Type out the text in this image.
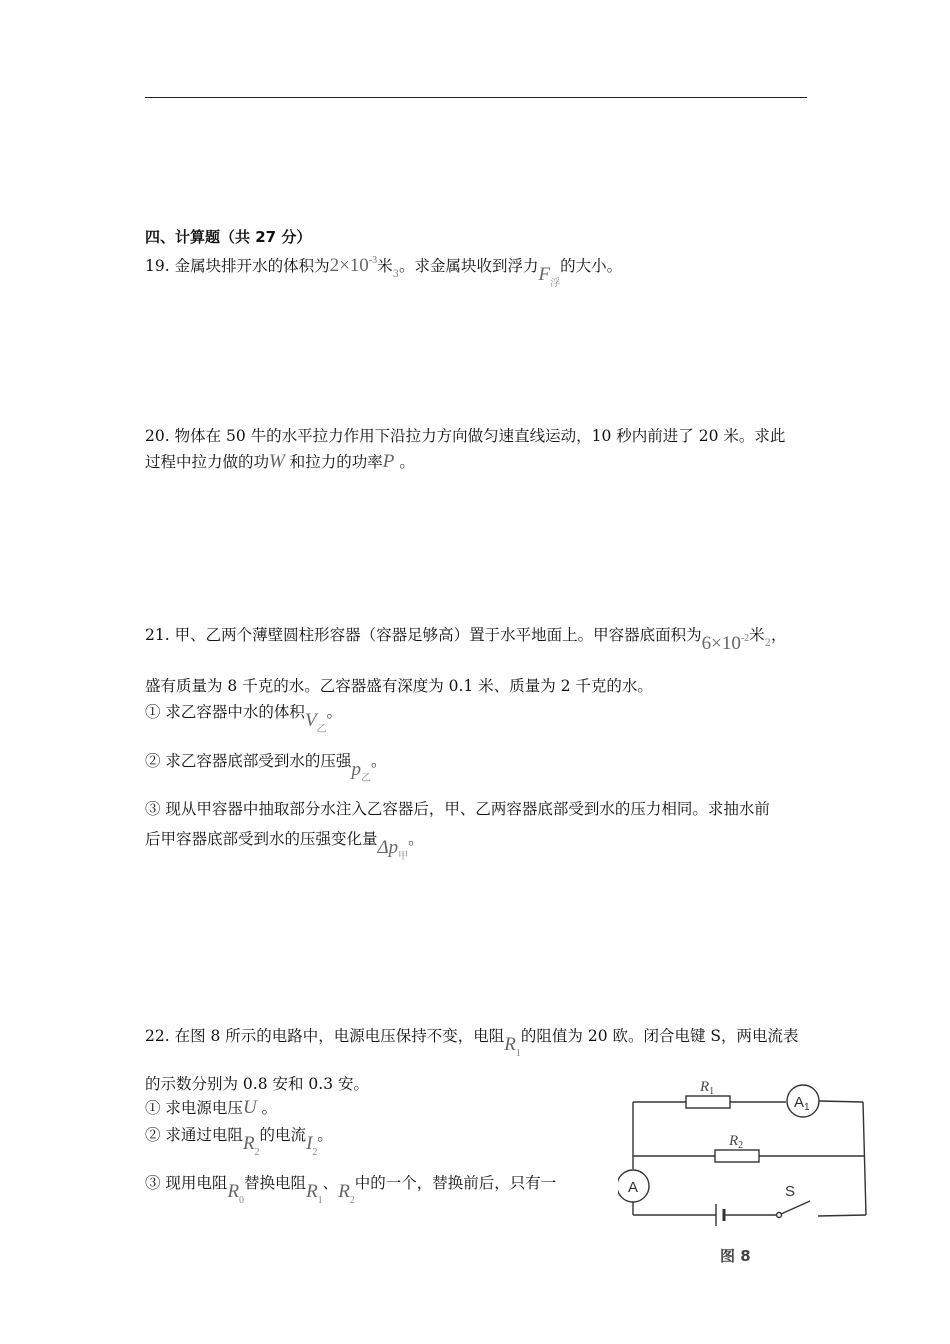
四、计算题（共 27 分）
19. 金属块排开水的体积为$2\times 10^{-3}$米$_3$。求金属块收到浮力$F_浮$的大小。
20. 物体在 50 牛的水平拉力作用下沿拉力方向做匀速直线运动，10 秒内前进了 20 米。求此
过程中拉力做的功W 和拉力的功率P 。
21. 甲、乙两个薄壁圆柱形容器（容器足够高）置于水平地面上。甲容器底面积为$6\times 10^{-2}$米$_2$，
盛有质量为 8 千克的水。乙容器盛有深度为 0.1 米、质量为 2 千克的水。
① 求乙容器中水的体积$V_乙$。
② 求乙容器底部受到水的压强$p_乙$。
③ 现从甲容器中抽取部分水注入乙容器后，甲、乙两容器底部受到水的压力相同。求抽水前
后甲容器底部受到水的压强变化量$\Delta p_甲$。
22. 在图 8 所示的电路中，电源电压保持不变，电阻$R_1$的阻值为 20 欧。闭合电键 S，两电流表
的示数分别为 0.8 安和 0.3 安。
① 求电源电压U 。
② 求通过电阻$R_2$的电流$I_2$。
③ 现用电阻$R_0$替换电阻$R_1$、$R_2$中的一个，替换前后，只有一
$R_1$
$R_2$
$A_1$
A	S
图 8
